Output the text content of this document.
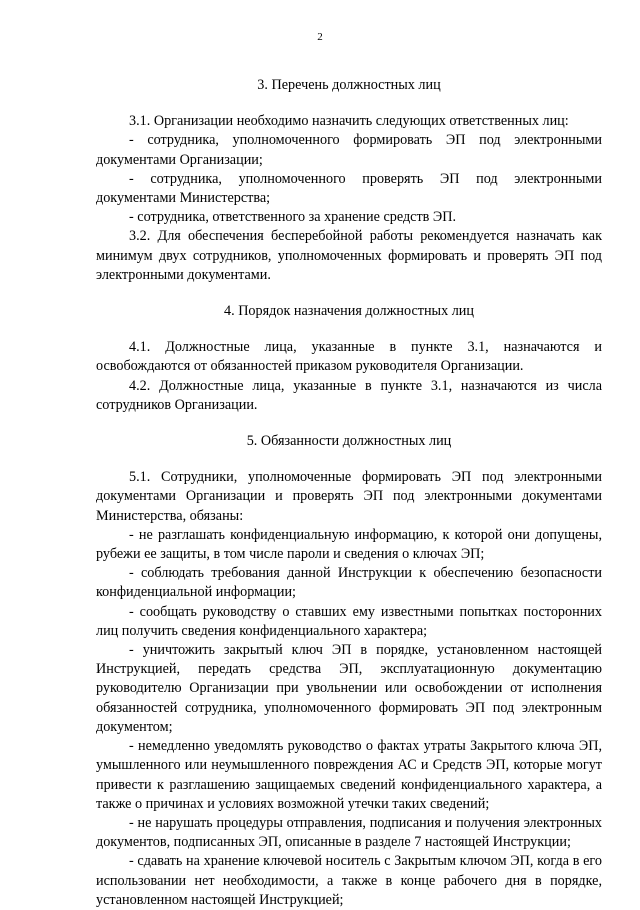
2
3. Перечень должностных лиц

3.1. Организации необходимо назначить следующих ответственных лиц:

- сотрудника, уполномоченного формировать ЭП под электронными документами Организации;

- сотрудника, уполномоченного проверять ЭП под электронными документами Министерства;

- сотрудника, ответственного за хранение средств ЭП.

3.2. Для обеспечения бесперебойной работы рекомендуется назначать как минимум двух сотрудников, уполномоченных формировать и проверять ЭП под электронными документами.

4. Порядок назначения должностных лиц

4.1. Должностные лица, указанные в пункте 3.1, назначаются и освобождаются от обязанностей приказом руководителя Организации.

4.2. Должностные лица, указанные в пункте 3.1, назначаются из числа сотрудников Организации.

5. Обязанности должностных лиц

5.1. Сотрудники, уполномоченные формировать ЭП под электронными документами Организации и проверять ЭП под электронными документами Министерства, обязаны:

- не разглашать конфиденциальную информацию, к которой они допущены, рубежи ее защиты, в том числе пароли и сведения о ключах ЭП;

- соблюдать требования данной Инструкции к обеспечению безопасности конфиденциальной информации;

- сообщать руководству о ставших ему известными попытках посторонних лиц получить сведения конфиденциального характера;

- уничтожить закрытый ключ ЭП в порядке, установленном настоящей Инструкцией, передать средства ЭП, эксплуатационную документацию руководителю Организации при увольнении или освобождении от исполнения обязанностей сотрудника, уполномоченного формировать ЭП под электронным документом;

- немедленно уведомлять руководство о фактах утраты Закрытого ключа ЭП, умышленного или неумышленного повреждения АС и Средств ЭП, которые могут привести к разглашению защищаемых сведений конфиденциального характера, а также о причинах и условиях возможной утечки таких сведений;

- не нарушать процедуры отправления, подписания и получения электронных документов, подписанных ЭП, описанные в разделе 7 настоящей Инструкции;

- сдавать на хранение ключевой носитель с Закрытым ключом ЭП, когда в его использовании нет необходимости, а также в конце рабочего дня в порядке, установленном настоящей Инструкцией;
